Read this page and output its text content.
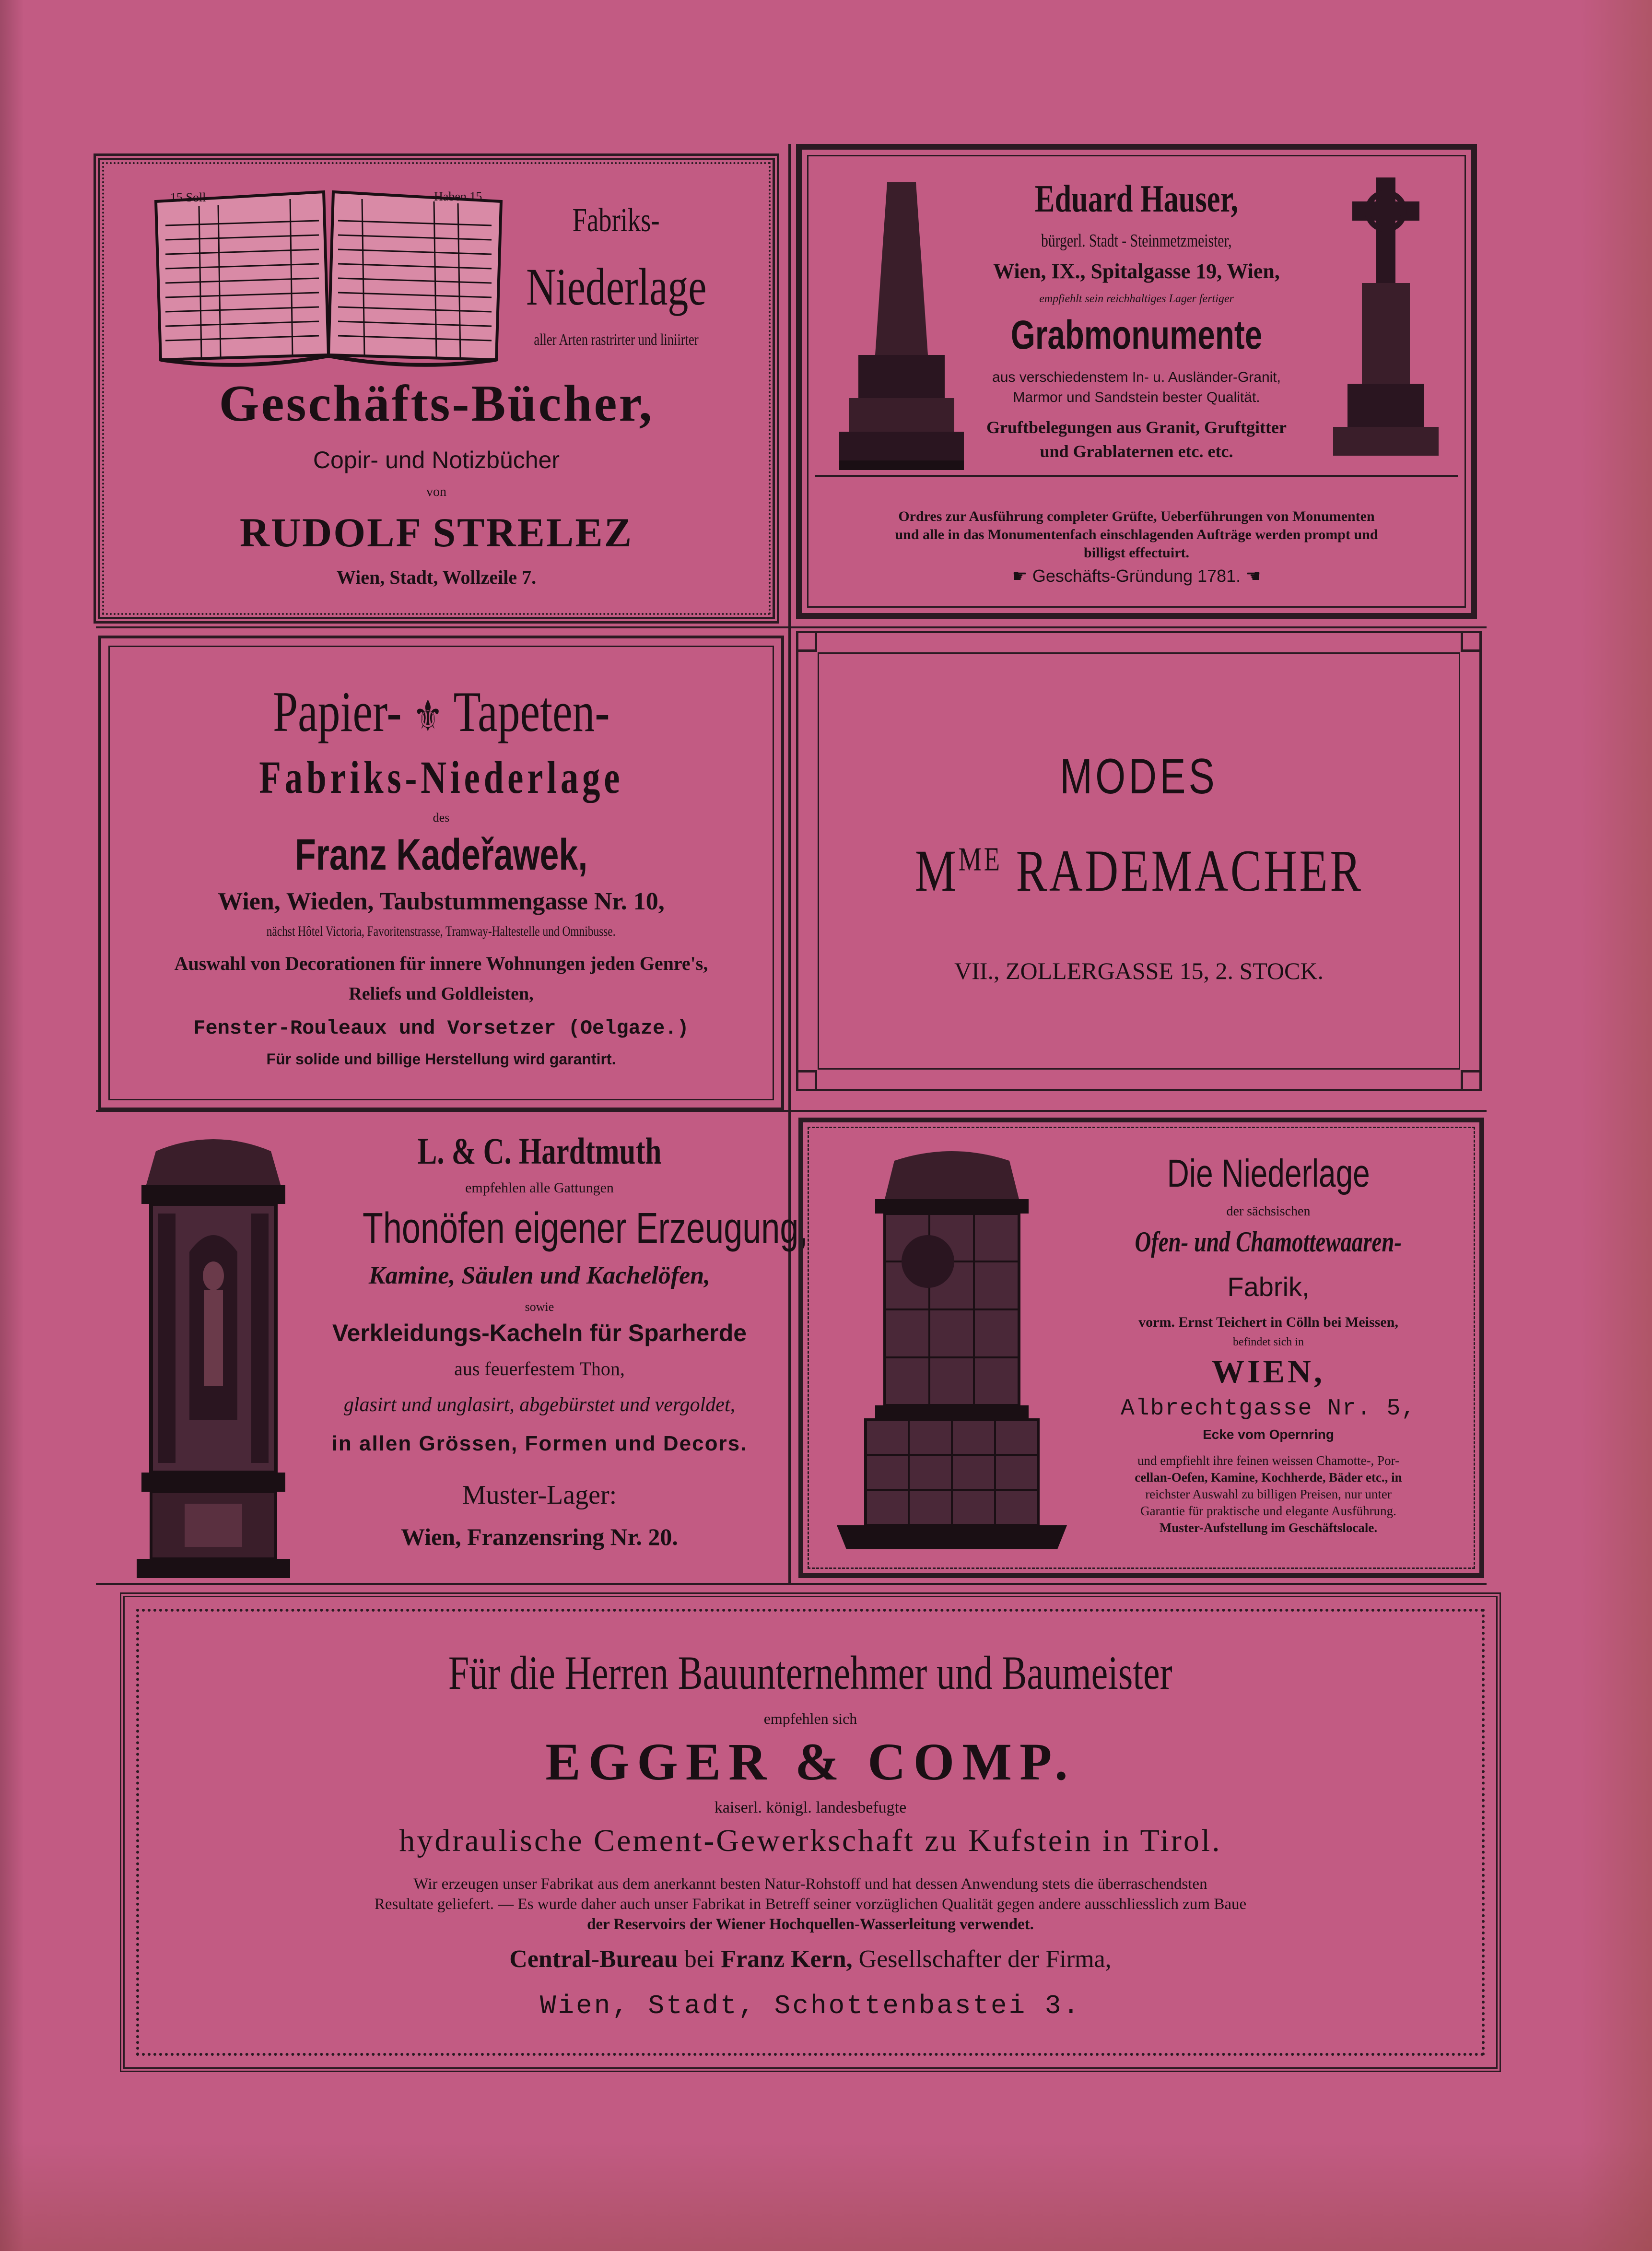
15 Soll	Haben 15
Fabriks-
Niederlage
aller Arten rastrirter und liniirter
Geschäfts-Bücher,
Copir- und Notizbücher
von
RUDOLF STRELEZ
Wien, Stadt, Wollzeile 7.
Eduard Hauser,
bürgerl. Stadt - Steinmetzmeister,
Wien, IX., Spitalgasse 19, Wien,
empfiehlt sein reichhaltiges Lager fertiger
Grabmonumente
aus verschiedenstem In- u. Ausländer-Granit,
Marmor und Sandstein bester Qualität.
Gruftbelegungen aus Granit, Gruftgitter
und Grablaternen etc. etc.
Ordres zur Ausführung completer Grüfte, Ueberführungen von Monumenten
und alle in das Monumentenfach einschlagenden Aufträge werden prompt und
billigst effectuirt.
☛ Geschäfts-Gründung 1781. ☚
Papier- ⚜ Tapeten-
Fabriks-Niederlage
des
Franz Kadeřawek,
Wien, Wieden, Taubstummengasse Nr. 10,
nächst Hôtel Victoria, Favoritenstrasse, Tramway-Haltestelle und Omnibusse.
Auswahl von Decorationen für innere Wohnungen jeden Genre's,
Reliefs und Goldleisten,
Fenster-Rouleaux und Vorsetzer (Oelgaze.)
Für solide und billige Herstellung wird garantirt.
MODES
$M^{ME}$ RADEMACHER
VII., ZOLLERGASSE 15, 2. STOCK.
L. & C. Hardtmuth
empfehlen alle Gattungen
Thonöfen eigener Erzeugung,
Kamine, Säulen und Kachelöfen,
sowie
Verkleidungs-Kacheln für Sparherde
aus feuerfestem Thon,
glasirt und unglasirt, abgebürstet und vergoldet,
in allen Grössen, Formen und Decors.
Muster-Lager:
Wien, Franzensring Nr. 20.
Die Niederlage
der sächsischen
Ofen- und Chamottewaaren-
Fabrik,
vorm. Ernst Teichert in Cölln bei Meissen,
befindet sich in
WIEN,
Albrechtgasse Nr. 5,
Ecke vom Opernring
und empfiehlt ihre feinen weissen Chamotte-, Por-
cellan-Oefen, Kamine, Kochherde, Bäder etc., in
reichster Auswahl zu billigen Preisen, nur unter
Garantie für praktische und elegante Ausführung.
Muster-Aufstellung im Geschäftslocale.
Für die Herren Bauunternehmer und Baumeister
empfehlen sich
EGGER & COMP.
kaiserl. königl. landesbefugte
hydraulische Cement-Gewerkschaft zu Kufstein in Tirol.
Wir erzeugen unser Fabrikat aus dem anerkannt besten Natur-Rohstoff und hat dessen Anwendung stets die überraschendsten
Resultate geliefert. — Es wurde daher auch unser Fabrikat in Betreff seiner vorzüglichen Qualität gegen andere ausschliesslich zum Baue
der Reservoirs der Wiener Hochquellen-Wasserleitung verwendet.
Central-Bureau bei Franz Kern, Gesellschafter der Firma,
Wien, Stadt, Schottenbastei 3.
